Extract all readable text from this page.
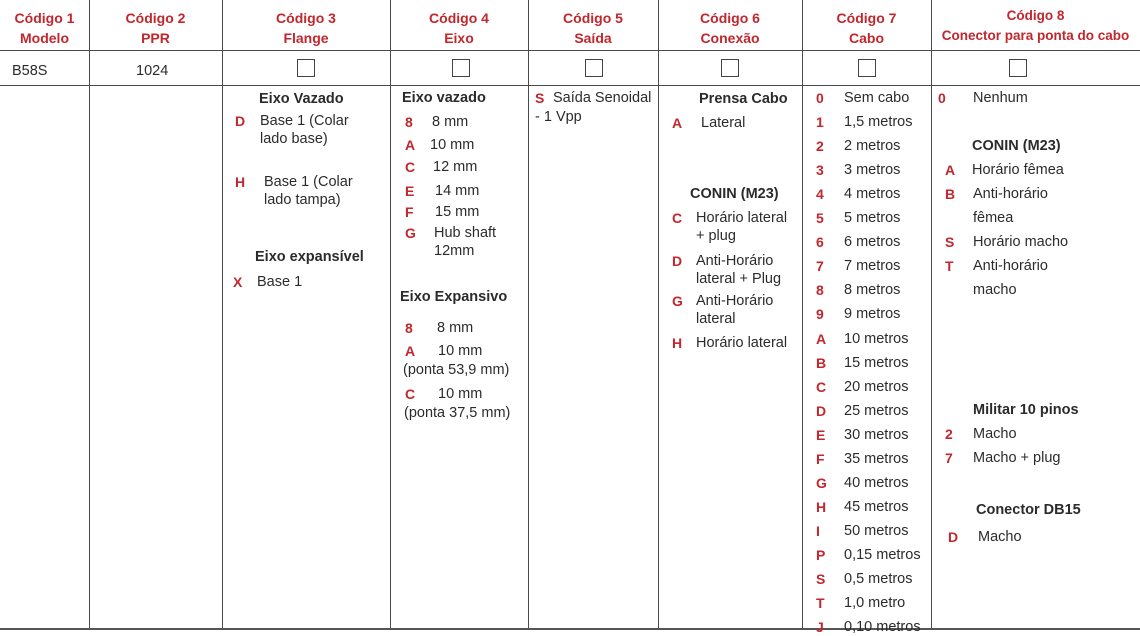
Código 1
Modelo
Código 2
PPR
Código 3
Flange
Código 4
Eixo
Código 5
Saída
Código 6
Conexão
Código 7
Cabo
Código 8
Conector para ponta do cabo
B58S	1024
Eixo Vazado
D Base 1 (Colar lado base)
H Base 1 (Colar lado tampa)
Eixo expansível
X Base 1
Eixo vazado
8 8 mm
A 10 mm
C 12 mm
E 14 mm
F 15 mm
G Hub shaft 12mm
Eixo Expansivo
8 8 mm
A 10 mm
(ponta 53,9 mm)
C 10 mm
(ponta 37,5 mm)
S Saída Senoidal
- 1 Vpp
Prensa Cabo
A Lateral
CONIN (M23)
C Horário lateral + plug
D Anti-Horário lateral + Plug
G Anti-Horário lateral
H Horário lateral
0 Sem cabo
1 1,5 metros
2 2 metros
3 3 metros
4 4 metros
5 5 metros
6 6 metros
7 7 metros
8 8 metros
9 9 metros
A 10 metros
B 15 metros
C 20 metros
D 25 metros
E 30 metros
F 35 metros
G 40 metros
H 45 metros
I 50 metros
P 0,15 metros
S 0,5 metros
T 1,0 metro
J 0,10 metros
0 Nenhum
CONIN (M23)
A Horário fêmea
B Anti-horário
fêmea
S Horário macho
T Anti-horário
macho
Militar 10 pinos
2 Macho
7 Macho + plug
Conector DB15
D Macho
